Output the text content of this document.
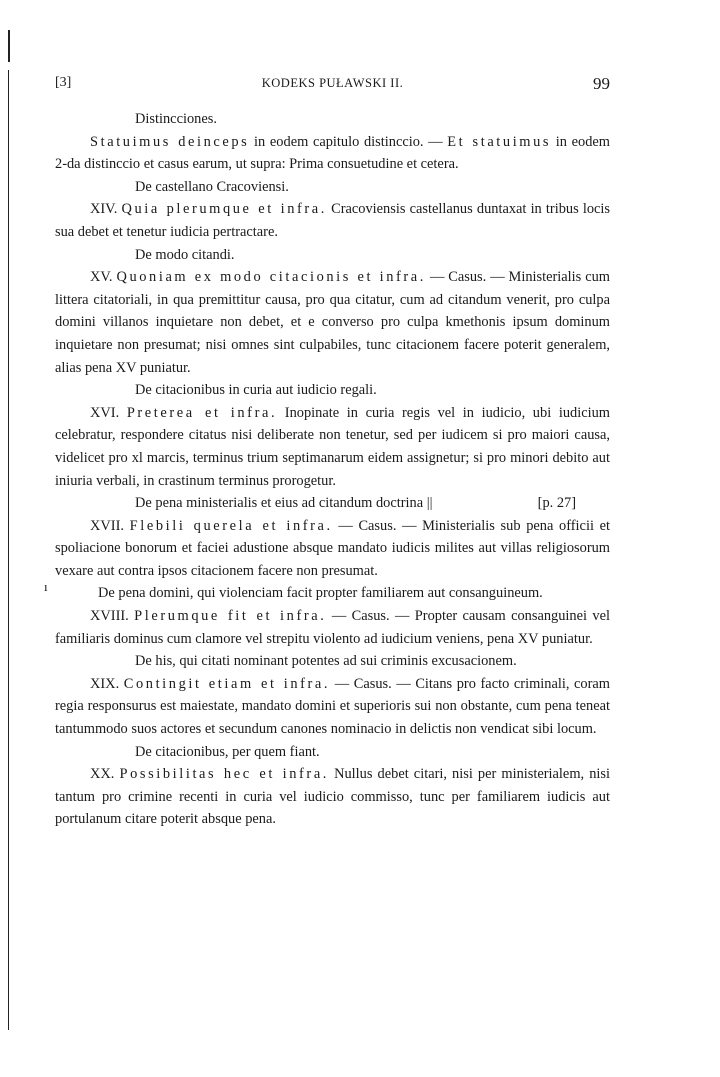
[3]	KODEKS PUŁAWSKI II.	99
ı

Distincciones.

Statuimus deinceps in eodem capitulo distinccio. — Et statuimus in eodem 2-da distinccio et casus earum, ut supra: Prima consuetudine et cetera.

De castellano Cracoviensi.

XIV. Quia plerumque et infra. Cracoviensis castellanus duntaxat in tribus locis sua debet et tenetur iudicia pertractare.

De modo citandi.

XV. Quoniam ex modo citacionis et infra. — Casus. — Ministerialis cum littera citatoriali, in qua premittitur causa, pro qua citatur, cum ad citandum venerit, pro culpa domini villanos inquietare non debet, et e converso pro culpa kmethonis ipsum dominum inquietare non presumat; nisi omnes sint culpabiles, tunc citacionem facere poterit generalem, alias pena XV puniatur.

De citacionibus in curia aut iudicio regali.

XVI. Preterea et infra. Inopinate in curia regis vel in iudicio, ubi iudicium celebratur, respondere citatus nisi deliberate non tenetur, sed per iudicem si pro maiori causa, videlicet pro xl marcis, terminus trium septimanarum eidem assignetur; si pro minori debito aut iniuria verbali, in crastinum terminus prorogetur.

De pena ministerialis et eius ad citandum doctrina ||	[p. 27]

XVII. Flebili querela et infra. — Casus. — Ministerialis sub pena officii et spoliacione bonorum et faciei adustione absque mandato iudicis milites aut villas religiosorum vexare aut contra ipsos citacionem facere non presumat.

De pena domini, qui violenciam facit propter familiarem aut consanguineum.

XVIII. Plerumque fit et infra. — Casus. — Propter causam consanguinei vel familiaris dominus cum clamore vel strepitu violento ad iudicium veniens, pena XV puniatur.

De his, qui citati nominant potentes ad sui criminis excusacionem.

XIX. Contingit etiam et infra. — Casus. — Citans pro facto criminali, coram regia responsurus est maiestate, mandato domini et superioris sui non obstante, cum pena teneat tantummodo suos actores et secundum canones nominacio in delictis non vendicat sibi locum.

De citacionibus, per quem fiant.

XX. Possibilitas hec et infra. Nullus debet citari, nisi per ministerialem, nisi tantum pro crimine recenti in curia vel iudicio commisso, tunc per familiarem iudicis aut portulanum citare poterit absque pena.
